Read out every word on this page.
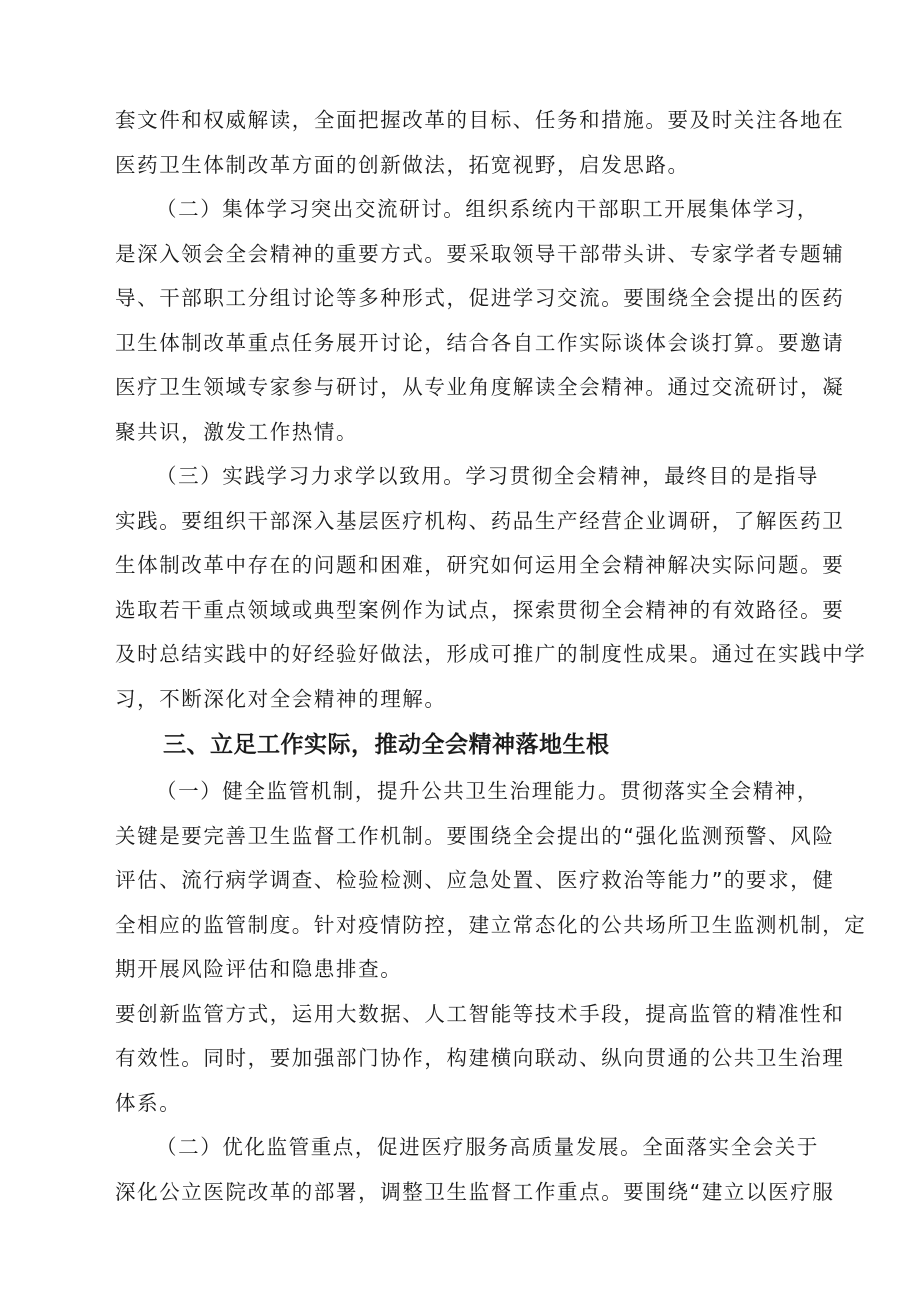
套文件和权威解读，全面把握改革的目标、任务和措施。要及时关注各地在
医药卫生体制改革方面的创新做法，拓宽视野，启发思路。

（二）集体学习突出交流研讨。组织系统内干部职工开展集体学习，
是深入领会全会精神的重要方式。要采取领导干部带头讲、专家学者专题辅
导、干部职工分组讨论等多种形式，促进学习交流。要围绕全会提出的医药
卫生体制改革重点任务展开讨论，结合各自工作实际谈体会谈打算。要邀请
医疗卫生领域专家参与研讨，从专业角度解读全会精神。通过交流研讨，凝
聚共识，激发工作热情。

（三）实践学习力求学以致用。学习贯彻全会精神，最终目的是指导
实践。要组织干部深入基层医疗机构、药品生产经营企业调研，了解医药卫
生体制改革中存在的问题和困难，研究如何运用全会精神解决实际问题。要
选取若干重点领域或典型案例作为试点，探索贯彻全会精神的有效路径。要
及时总结实践中的好经验好做法，形成可推广的制度性成果。通过在实践中学
习，不断深化对全会精神的理解。

三、立足工作实际，推动全会精神落地生根

（一）健全监管机制，提升公共卫生治理能力。贯彻落实全会精神，
关键是要完善卫生监督工作机制。要围绕全会提出的“强化监测预警、风险
评估、流行病学调查、检验检测、应急处置、医疗救治等能力”的要求，健
全相应的监管制度。针对疫情防控，建立常态化的公共场所卫生监测机制，定
期开展风险评估和隐患排查。

要创新监管方式，运用大数据、人工智能等技术手段，提高监管的精准性和
有效性。同时，要加强部门协作，构建横向联动、纵向贯通的公共卫生治理
体系。

（二）优化监管重点，促进医疗服务高质量发展。全面落实全会关于
深化公立医院改革的部署，调整卫生监督工作重点。要围绕“建立以医疗服
